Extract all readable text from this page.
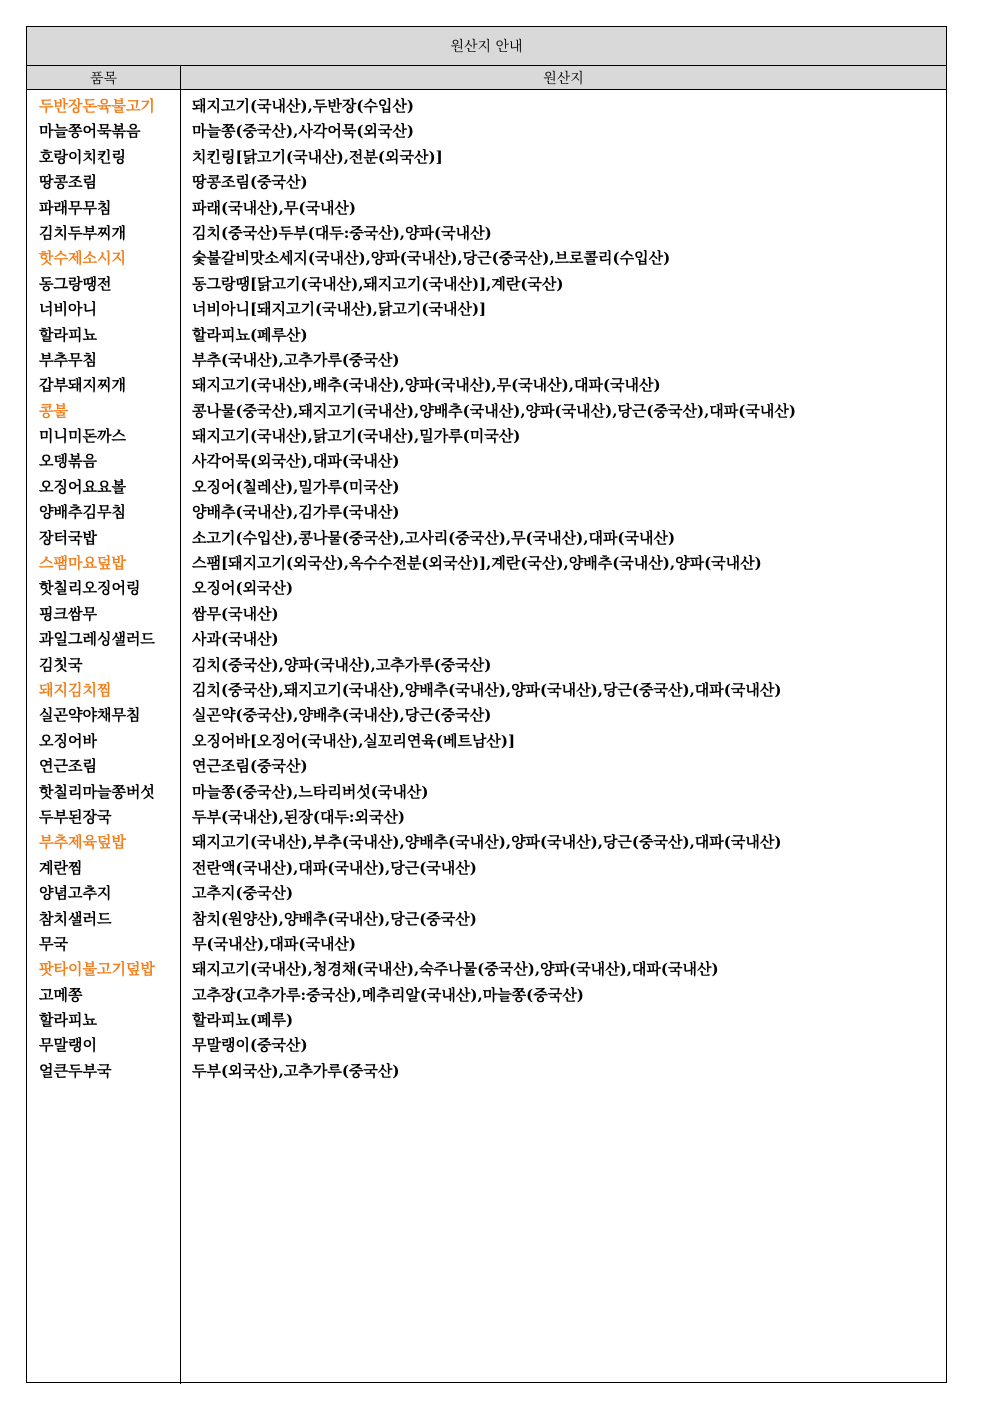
원산지 안내
품목	원산지
두반장돈육불고기
마늘쫑어묵볶음
호랑이치킨링
땅콩조림
파래무무침
김치두부찌개
핫수제소시지
동그랑땡전
너비아니
할라피뇨
부추무침
갑부돼지찌개
콩불
미니미돈까스
오뎅볶음
오징어요요볼
양배추김무침
장터국밥
스팸마요덮밥
핫칠리오징어링
핑크쌈무
과일그레싱샐러드
김칫국
돼지김치찜
실곤약야채무침
오징어바
연근조림
핫칠리마늘쫑버섯
두부된장국
부추제육덮밥
계란찜
양념고추지
참치샐러드
무국
팟타이불고기덮밥
고메쫑
할라피뇨
무말랭이
얼큰두부국
돼지고기(국내산),두반장(수입산)
마늘쫑(중국산),사각어묵(외국산)
치킨링[닭고기(국내산),전분(외국산)]
땅콩조림(중국산)
파래(국내산),무(국내산)
김치(중국산)두부(대두:중국산),양파(국내산)
숯불갈비맛소세지(국내산),양파(국내산),당근(중국산),브로콜리(수입산)
동그랑땡[닭고기(국내산),돼지고기(국내산)],계란(국산)
너비아니[돼지고기(국내산),닭고기(국내산)]
할라피뇨(페루산)
부추(국내산),고추가루(중국산)
돼지고기(국내산),배추(국내산),양파(국내산),무(국내산),대파(국내산)
콩나물(중국산),돼지고기(국내산),양배추(국내산),양파(국내산),당근(중국산),대파(국내산)
돼지고기(국내산),닭고기(국내산),밀가루(미국산)
사각어묵(외국산),대파(국내산)
오징어(칠레산),밀가루(미국산)
양배추(국내산),김가루(국내산)
소고기(수입산),콩나물(중국산),고사리(중국산),무(국내산),대파(국내산)
스팸[돼지고기(외국산),옥수수전분(외국산)],계란(국산),양배추(국내산),양파(국내산)
오징어(외국산)
쌈무(국내산)
사과(국내산)
김치(중국산),양파(국내산),고추가루(중국산)
김치(중국산),돼지고기(국내산),양배추(국내산),양파(국내산),당근(중국산),대파(국내산)
실곤약(중국산),양배추(국내산),당근(중국산)
오징어바[오징어(국내산),실꼬리연육(베트남산)]
연근조림(중국산)
마늘쫑(중국산),느타리버섯(국내산)
두부(국내산),된장(대두:외국산)
돼지고기(국내산),부추(국내산),양배추(국내산),양파(국내산),당근(중국산),대파(국내산)
전란액(국내산),대파(국내산),당근(국내산)
고추지(중국산)
참치(원양산),양배추(국내산),당근(중국산)
무(국내산),대파(국내산)
돼지고기(국내산),청경채(국내산),숙주나물(중국산),양파(국내산),대파(국내산)
고추장(고추가루:중국산),메추리알(국내산),마늘쫑(중국산)
할라피뇨(페루)
무말랭이(중국산)
두부(외국산),고추가루(중국산)
